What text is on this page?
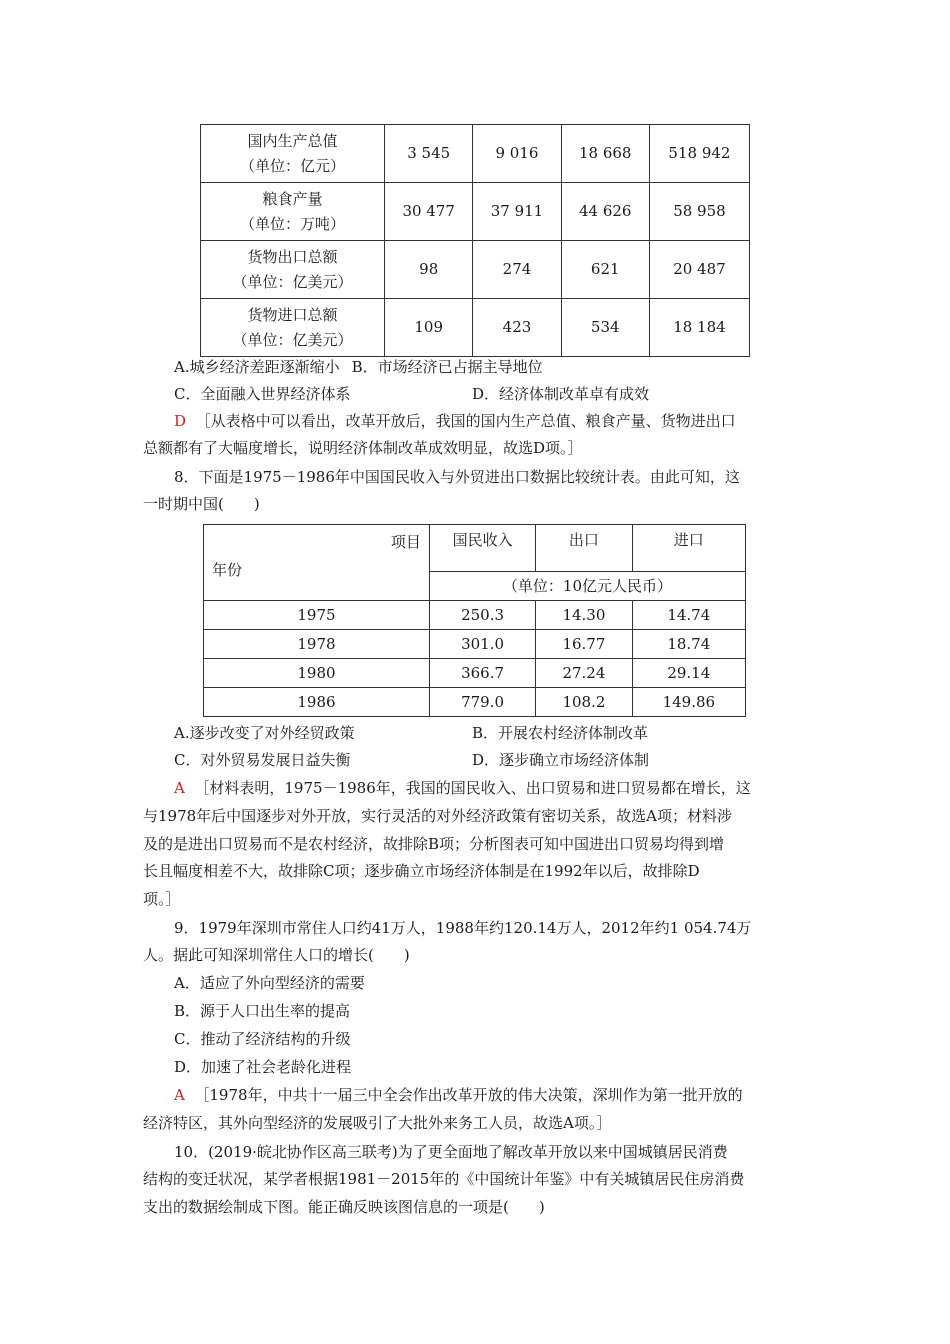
国内生产总值
（单位：亿元）	3 545	9 016	18 668	518 942

粮食产量
（单位：万吨）	30 477	37 911	44 626	58 958

货物出口总额
（单位：亿美元）	98	274	621	20 487

货物进口总额
（单位：亿美元）	109	423	534	18 184
A.城乡经济差距逐渐缩小 B．市场经济已占据主导地位
C．全面融入世界经济体系	D．经济体制改革卓有成效
D ［从表格中可以看出，改革开放后，我国的国内生产总值、粮食产量、货物进出口
总额都有了大幅度增长，说明经济体制改革成效明显，故选D项。］
8．下面是1975－1986年中国国民收入与外贸进出口数据比较统计表。由此可知，这
一时期中国(　　)
项目
年份	国民收入	出口	进口
	（单位：10亿元人民币）		
1975	250.3	14.30	14.74
1978	301.0	16.77	18.74
1980	366.7	27.24	29.14
1986	779.0	108.2	149.86
A.逐步改变了对外经贸政策	B．开展农村经济体制改革
C．对外贸易发展日益失衡	D．逐步确立市场经济体制
A ［材料表明，1975－1986年，我国的国民收入、出口贸易和进口贸易都在增长，这
与1978年后中国逐步对外开放，实行灵活的对外经济政策有密切关系，故选A项；材料涉
及的是进出口贸易而不是农村经济，故排除B项；分析图表可知中国进出口贸易均得到增
长且幅度相差不大，故排除C项；逐步确立市场经济体制是在1992年以后，故排除D
项。］
9．1979年深圳市常住人口约41万人，1988年约120.14万人，2012年约1 054.74万
人。据此可知深圳常住人口的增长(　　)
A．适应了外向型经济的需要
B．源于人口出生率的提高
C．推动了经济结构的升级
D．加速了社会老龄化进程
A ［1978年，中共十一届三中全会作出改革开放的伟大决策，深圳作为第一批开放的
经济特区，其外向型经济的发展吸引了大批外来务工人员，故选A项。］
10．(2019·皖北协作区高三联考)为了更全面地了解改革开放以来中国城镇居民消费
结构的变迁状况，某学者根据1981－2015年的《中国统计年鉴》中有关城镇居民住房消费
支出的数据绘制成下图。能正确反映该图信息的一项是(　　)
